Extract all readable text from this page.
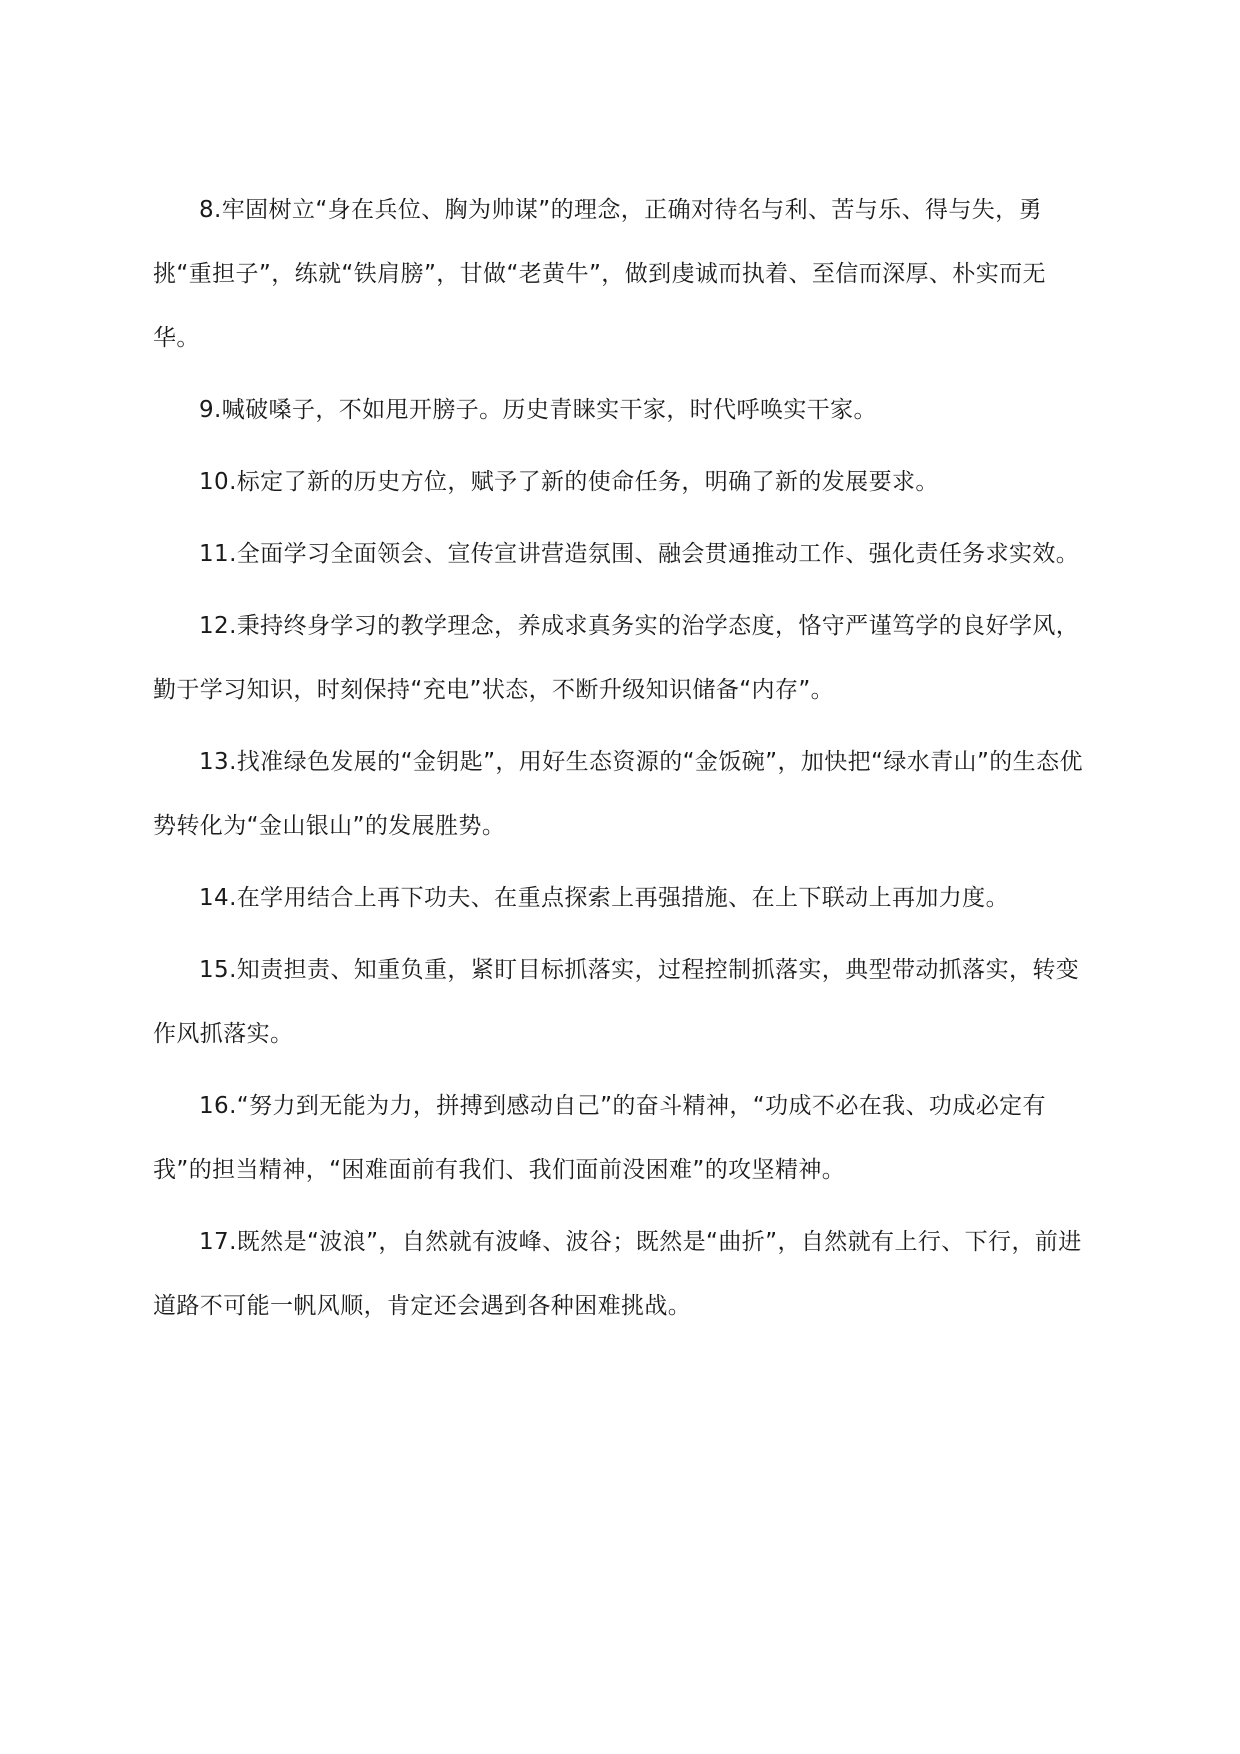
8.牢固树立“身在兵位、胸为帅谋”的理念，正确对待名与利、苦与乐、得与失，勇挑“重担子”，练就“铁肩膀”，甘做“老黄牛”，做到虔诚而执着、至信而深厚、朴实而无华。

9.喊破嗓子，不如甩开膀子。历史青睐实干家，时代呼唤实干家。

10.标定了新的历史方位，赋予了新的使命任务，明确了新的发展要求。

11.全面学习全面领会、宣传宣讲营造氛围、融会贯通推动工作、强化责任务求实效。

12.秉持终身学习的教学理念，养成求真务实的治学态度，恪守严谨笃学的良好学风，勤于学习知识，时刻保持“充电”状态，不断升级知识储备“内存”。

13.找准绿色发展的“金钥匙”，用好生态资源的“金饭碗”，加快把“绿水青山”的生态优势转化为“金山银山”的发展胜势。

14.在学用结合上再下功夫、在重点探索上再强措施、在上下联动上再加力度。

15.知责担责、知重负重，紧盯目标抓落实，过程控制抓落实，典型带动抓落实，转变作风抓落实。

16.“努力到无能为力，拼搏到感动自己”的奋斗精神，“功成不必在我、功成必定有我”的担当精神，“困难面前有我们、我们面前没困难”的攻坚精神。

17.既然是“波浪”，自然就有波峰、波谷；既然是“曲折”，自然就有上行、下行，前进道路不可能一帆风顺，肯定还会遇到各种困难挑战。
